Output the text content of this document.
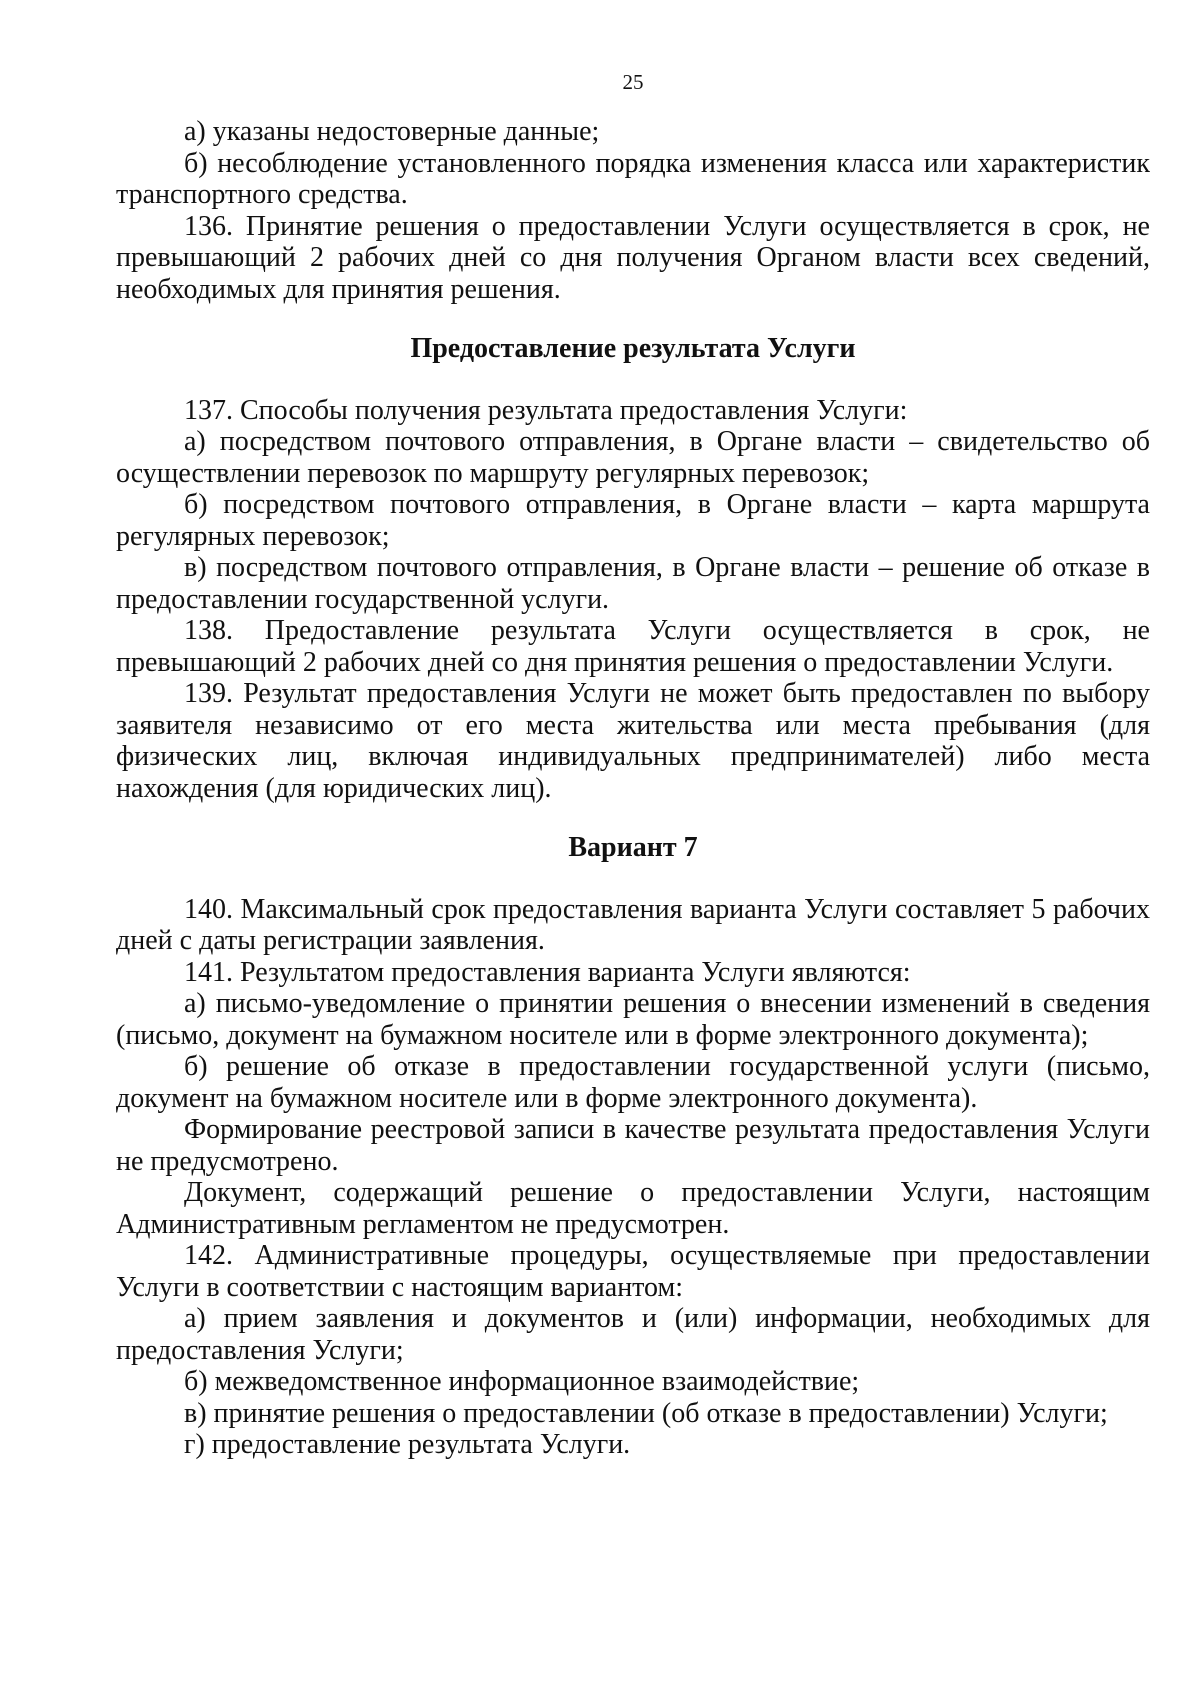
25

а) указаны недостоверные данные;

б) несоблюдение установленного порядка изменения класса или характеристик транспортного средства.

136. Принятие решения о предоставлении Услуги осуществляется в срок, не превышающий 2 рабочих дней со дня получения Органом власти всех сведений, необходимых для принятия решения.

Предоставление результата Услуги

137. Способы получения результата предоставления Услуги:

а) посредством почтового отправления, в Органе власти – свидетельство об осуществлении перевозок по маршруту регулярных перевозок;

б) посредством почтового отправления, в Органе власти – карта маршрута регулярных перевозок;

в) посредством почтового отправления, в Органе власти – решение об отказе в предоставлении государственной услуги.

138. Предоставление результата Услуги осуществляется в срок, не превышающий 2 рабочих дней со дня принятия решения о предоставлении Услуги.

139. Результат предоставления Услуги не может быть предоставлен по выбору заявителя независимо от его места жительства или места пребывания (для физических лиц, включая индивидуальных предпринимателей) либо места нахождения (для юридических лиц).

Вариант 7

140. Максимальный срок предоставления варианта Услуги составляет 5 рабочих дней с даты регистрации заявления.

141. Результатом предоставления варианта Услуги являются:

а) письмо-уведомление о принятии решения о внесении изменений в сведения (письмо, документ на бумажном носителе или в форме электронного документа);

б) решение об отказе в предоставлении государственной услуги (письмо, документ на бумажном носителе или в форме электронного документа).

Формирование реестровой записи в качестве результата предоставления Услуги не предусмотрено.

Документ, содержащий решение о предоставлении Услуги, настоящим Административным регламентом не предусмотрен.

142. Административные процедуры, осуществляемые при предоставлении Услуги в соответствии с настоящим вариантом:

а) прием заявления и документов и (или) информации, необходимых для предоставления Услуги;

б) межведомственное информационное взаимодействие;

в) принятие решения о предоставлении (об отказе в предоставлении) Услуги;

г) предоставление результата Услуги.
